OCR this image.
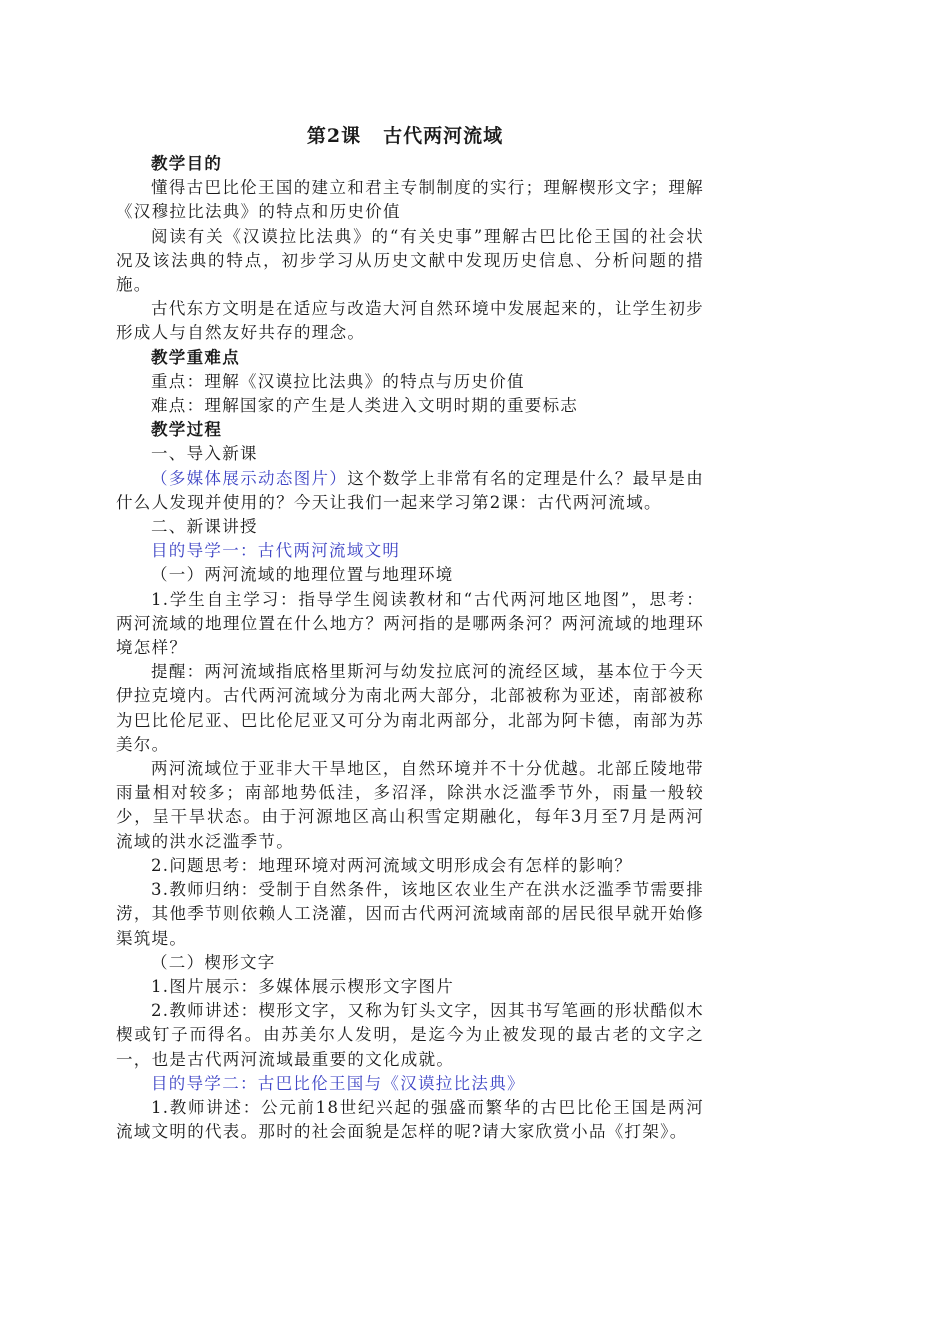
第2课 古代两河流域

教学目的

懂得古巴比伦王国的建立和君主专制制度的实行；理解楔形文字；理解《汉穆拉比法典》的特点和历史价值

阅读有关《汉谟拉比法典》的“有关史事”理解古巴比伦王国的社会状况及该法典的特点，初步学习从历史文献中发现历史信息、分析问题的措施。

古代东方文明是在适应与改造大河自然环境中发展起来的，让学生初步形成人与自然友好共存的理念。

教学重难点

重点：理解《汉谟拉比法典》的特点与历史价值

难点：理解国家的产生是人类进入文明时期的重要标志

教学过程

一、导入新课

（多媒体展示动态图片）这个数学上非常有名的定理是什么？最早是由什么人发现并使用的？今天让我们一起来学习第2课：古代两河流域。

二、新课讲授

目的导学一：古代两河流域文明

（一）两河流域的地理位置与地理环境

1.学生自主学习：指导学生阅读教材和“古代两河地区地图”，思考：两河流域的地理位置在什么地方？两河指的是哪两条河？两河流域的地理环境怎样？

提醒：两河流域指底格里斯河与幼发拉底河的流经区域，基本位于今天伊拉克境内。古代两河流域分为南北两大部分，北部被称为亚述，南部被称为巴比伦尼亚、巴比伦尼亚又可分为南北两部分，北部为阿卡德，南部为苏美尔。

两河流域位于亚非大干旱地区，自然环境并不十分优越。北部丘陵地带雨量相对较多；南部地势低洼，多沼泽，除洪水泛滥季节外，雨量一般较少，呈干旱状态。由于河源地区高山积雪定期融化，每年3月至7月是两河流域的洪水泛滥季节。

2.问题思考：地理环境对两河流域文明形成会有怎样的影响？

3.教师归纳：受制于自然条件，该地区农业生产在洪水泛滥季节需要排涝，其他季节则依赖人工浇灌，因而古代两河流域南部的居民很早就开始修渠筑堤。

（二）楔形文字

1.图片展示：多媒体展示楔形文字图片

2.教师讲述：楔形文字，又称为钉头文字，因其书写笔画的形状酷似木楔或钉子而得名。由苏美尔人发明，是迄今为止被发现的最古老的文字之一，也是古代两河流域最重要的文化成就。

目的导学二：古巴比伦王国与《汉谟拉比法典》

1.教师讲述：公元前18世纪兴起的强盛而繁华的古巴比伦王国是两河流域文明的代表。那时的社会面貌是怎样的呢?请大家欣赏小品《打架》。
